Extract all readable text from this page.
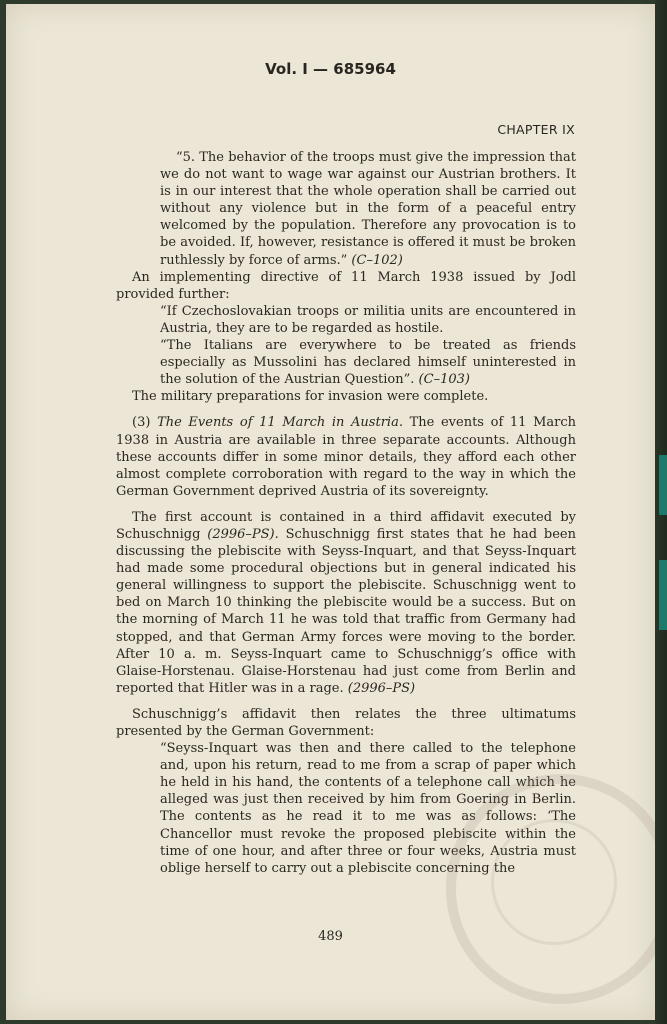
Vol. I — 685964
CHAPTER IX

“5. The behavior of the troops must give the impression that we do not want to wage war against our Austrian brothers. It is in our interest that the whole operation shall be carried out without any violence but in the form of a peaceful entry welcomed by the population. Therefore any provocation is to be avoided. If, however, resistance is offered it must be broken ruthlessly by force of arms.” (C–102)

An implementing directive of 11 March 1938 issued by Jodl provided further:

“If Czechoslovakian troops or militia units are encountered in Austria, they are to be regarded as hostile.

“The Italians are everywhere to be treated as friends especially as Mussolini has declared himself uninterested in the solution of the Austrian Question”. (C–103)

The military preparations for invasion were complete.

(3) The Events of 11 March in Austria. The events of 11 March 1938 in Austria are available in three separate accounts. Although these accounts differ in some minor details, they afford each other almost complete corroboration with regard to the way in which the German Government deprived Austria of its sovereignty.

The first account is contained in a third affidavit executed by Schuschnigg (2996–PS). Schuschnigg first states that he had been discussing the plebiscite with Seyss-Inquart, and that Seyss-Inquart had made some procedural objections but in general indicated his general willingness to support the plebiscite. Schuschnigg went to bed on March 10 thinking the plebiscite would be a success. But on the morning of March 11 he was told that traffic from Germany had stopped, and that German Army forces were moving to the border. After 10 a. m. Seyss-Inquart came to Schuschnigg’s office with Glaise-Horstenau. Glaise-Horstenau had just come from Berlin and reported that Hitler was in a rage. (2996–PS)

Schuschnigg’s affidavit then relates the three ultimatums presented by the German Government:

“Seyss-Inquart was then and there called to the telephone and, upon his return, read to me from a scrap of paper which he held in his hand, the contents of a telephone call which he alleged was just then received by him from Goering in Berlin. The contents as he read it to me was as follows: ‘The Chancellor must revoke the proposed plebiscite within the time of one hour, and after three or four weeks, Austria must oblige herself to carry out a plebiscite concerning the

489
